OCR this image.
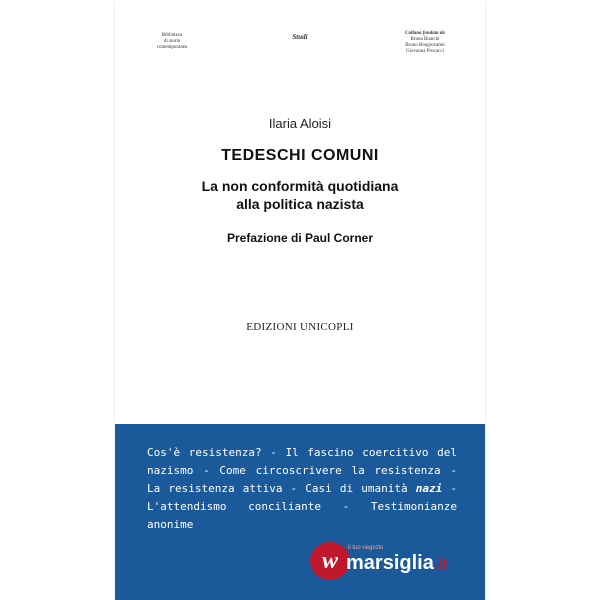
Biblioteca
di storia
contemporanea
Studi	Collana fondata da
Bruna Bianchi
Bruno Bongiovanni
Giovanna Procacci
Ilaria Aloisi
TEDESCHI COMUNI
La non conformità quotidiana
alla politica nazista
Prefazione di Paul Corner
EDIZIONI UNICOPLI
Cos'è resistenza? - Il fascino coercitivo del nazismo - Come circoscrivere la resistenza - La resistenza attiva - Casi di umanità nazi - L'attendismo conciliante - Testimonianze anonime
w	il tuo negozio
marsiglia.it
